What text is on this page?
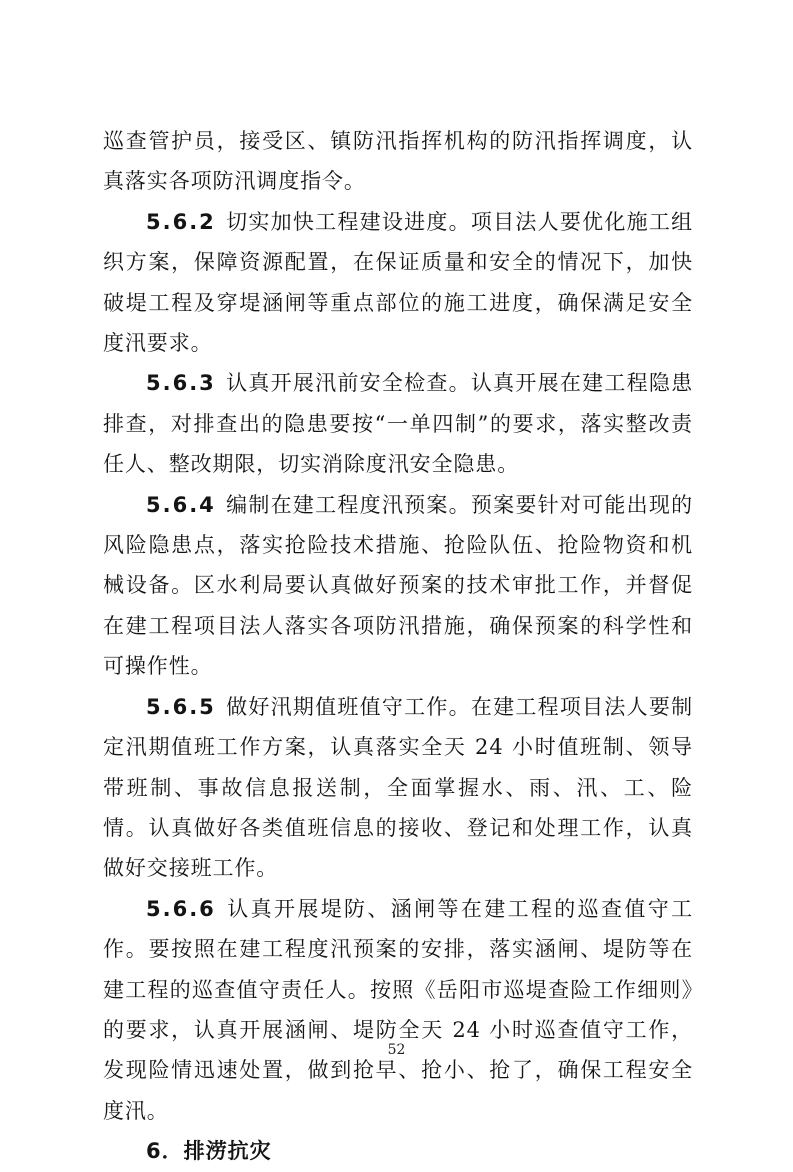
巡查管护员，接受区、镇防汛指挥机构的防汛指挥调度，认真落实各项防汛调度指令。

5.6.2 切实加快工程建设进度。项目法人要优化施工组织方案，保障资源配置，在保证质量和安全的情况下，加快破堤工程及穿堤涵闸等重点部位的施工进度，确保满足安全度汛要求。

5.6.3 认真开展汛前安全检查。认真开展在建工程隐患排查，对排查出的隐患要按“一单四制”的要求，落实整改责任人、整改期限，切实消除度汛安全隐患。

5.6.4 编制在建工程度汛预案。预案要针对可能出现的风险隐患点，落实抢险技术措施、抢险队伍、抢险物资和机械设备。区水利局要认真做好预案的技术审批工作，并督促在建工程项目法人落实各项防汛措施，确保预案的科学性和可操作性。

5.6.5 做好汛期值班值守工作。在建工程项目法人要制定汛期值班工作方案，认真落实全天 24 小时值班制、领导带班制、事故信息报送制，全面掌握水、雨、汛、工、险情。认真做好各类值班信息的接收、登记和处理工作，认真做好交接班工作。

5.6.6 认真开展堤防、涵闸等在建工程的巡查值守工作。要按照在建工程度汛预案的安排，落实涵闸、堤防等在建工程的巡查值守责任人。按照《岳阳市巡堤查险工作细则》的要求，认真开展涵闸、堤防全天 24 小时巡查值守工作，发现险情迅速处置，做到抢早、抢小、抢了，确保工程安全度汛。

6．排涝抗灾

52
